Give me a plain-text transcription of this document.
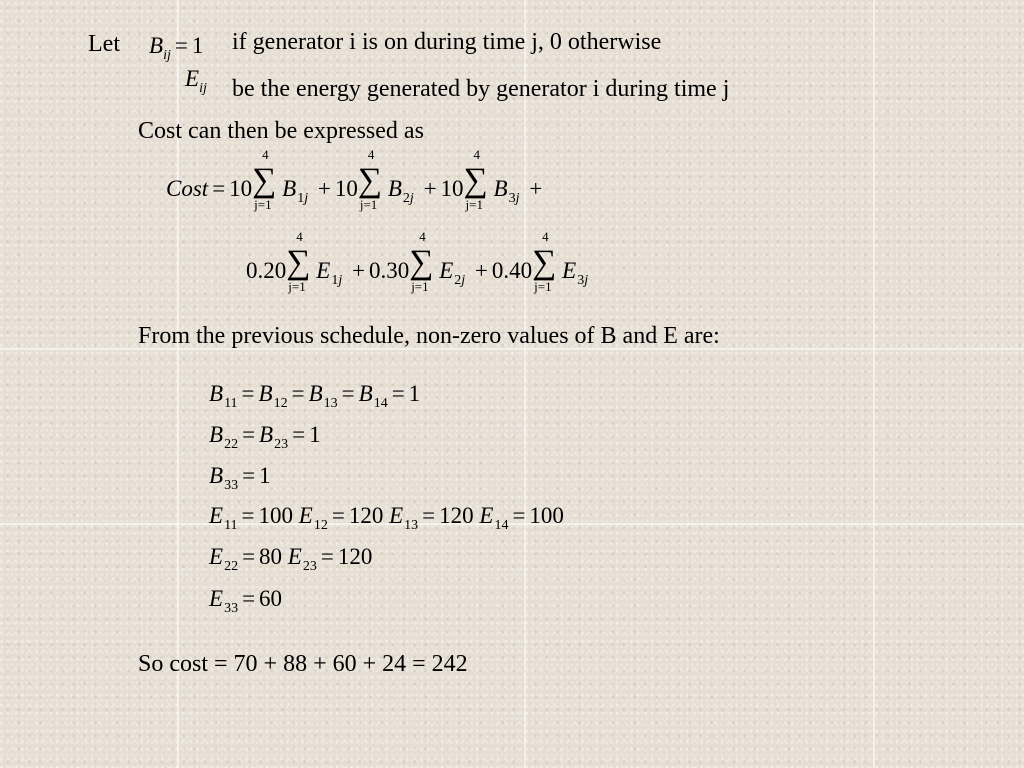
Let $B_{ij} = 1$ if generator i is on during time j, 0 otherwise
$E_{ij}$ be the energy generated by generator i during time j
Cost can then be expressed as
Cost = 10 ∑
4
j=1
$B_{1j} + 10$ ∑
4
j=1
$B_{2j} + 10$ ∑
4
j=1
$B_{3j}$ +
0.20 ∑
4
j=1
$E_{1j} + 0.30$ ∑
4
j=1
$E_{2j} + 0.40$ ∑
4
j=1
$E_{3j}$
From the previous schedule, non-zero values of B and E are:
$B_{11} = B_{12} = B_{13} = B_{14} = 1$
$B_{22} = B_{23} = 1$
$B_{33} = 1$
$E_{11} = 100$ $E_{12} = 120$ $E_{13} = 120$ $E_{14} = 100$
$E_{22} = 80$ $E_{23} = 120$
$E_{33} = 60$
So cost = 70 + 88 + 60 + 24 = 242
